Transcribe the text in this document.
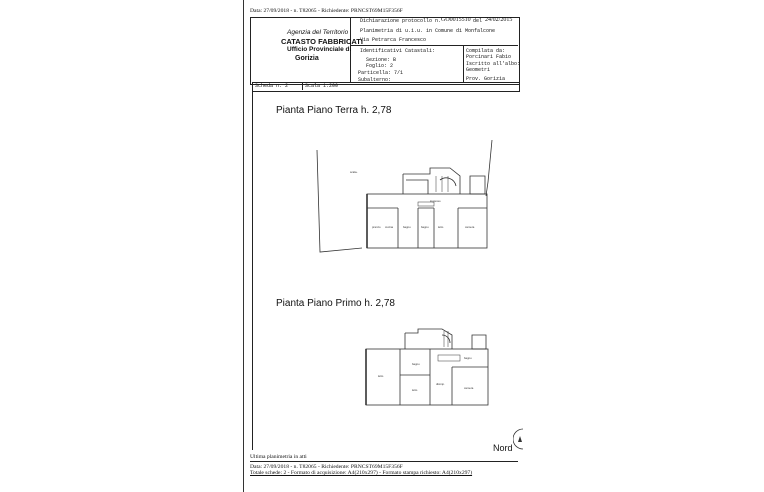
Data: 27/09/2018 - n. T82065 - Richiedente: PRNCST69M15F356F
Agenzia del Territorio
CATASTO FABBRICATI
Ufficio Provinciale di
Gorizia
Dichiarazione protocollo n. GO0015510 del 24/02/2015
Planimetria di u.i.u. in Comune di Monfalcone
Via Petrarca Francesco
Identificativi Catastali:
Sezione: B
Foglio: 2
Particella: 7/1
Subalterno:
Compilata da:
Porcinari Fabio
Iscritto all'albo:
Geometri
Prov. Gorizia
Scheda n. 2	Scala 1:200
Pianta Piano Terra h. 2,78
Pianta Piano Primo h. 2,78
scala-
cucina	bagno	bagno	letto	camera
pranzo
ingresso
letto
bagno
letto
disimp.
camera
bagno
Nord
Ultima planimetria in atti
Data: 27/09/2018 - n. T82065 - Richiedente: PRNCST69M15F356F
Totale schede: 2 - Formato di acquisizione: A4(210x297) - Formato stampa richiesto: A4(210x297)
